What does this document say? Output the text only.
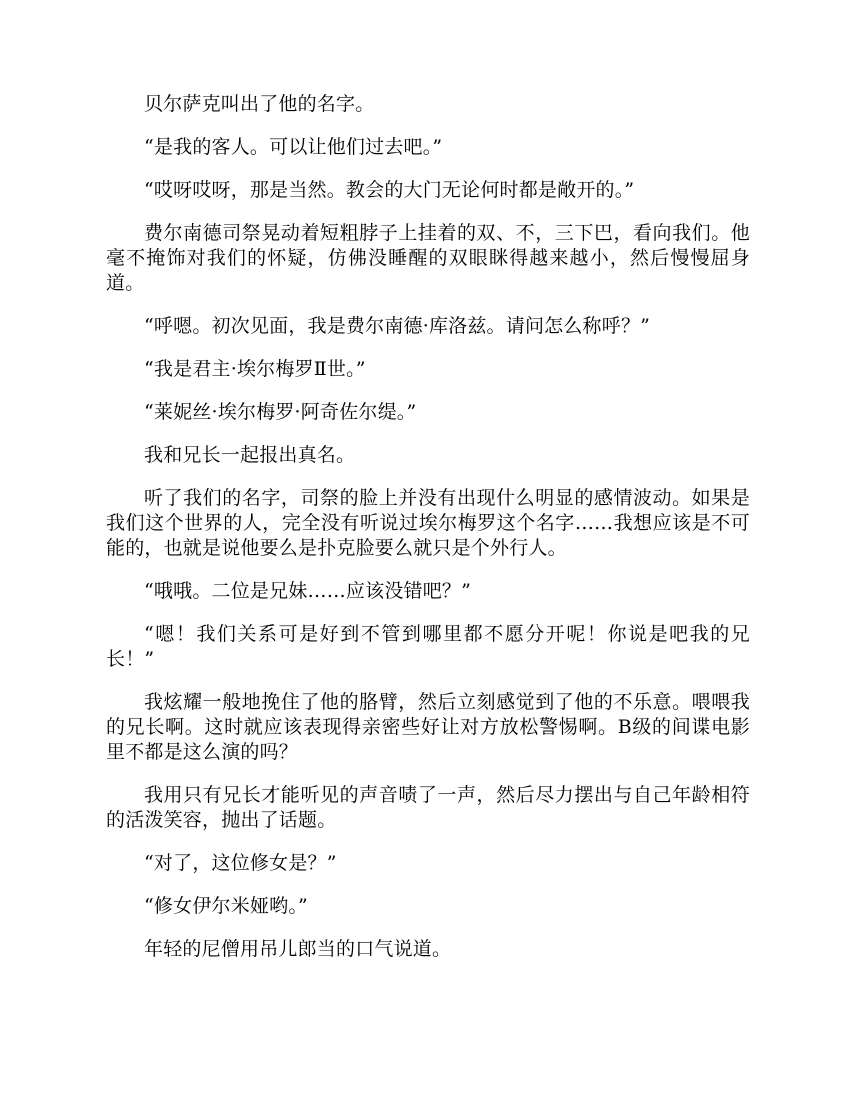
贝尔萨克叫出了他的名字。

“是我的客人。可以让他们过去吧。”

“哎呀哎呀，那是当然。教会的大门无论何时都是敞开的。”

费尔南德司祭晃动着短粗脖子上挂着的双、不，三下巴，看向我们。他毫不掩饰对我们的怀疑，仿佛没睡醒的双眼眯得越来越小，然后慢慢屈身道。

“呼嗯。初次见面，我是费尔南德·库洛兹。请问怎么称呼？”

“我是君主·埃尔梅罗Ⅱ世。”

“莱妮丝·埃尔梅罗·阿奇佐尔缇。”

我和兄长一起报出真名。

听了我们的名字，司祭的脸上并没有出现什么明显的感情波动。如果是我们这个世界的人，完全没有听说过埃尔梅罗这个名字……我想应该是不可能的，也就是说他要么是扑克脸要么就只是个外行人。

“哦哦。二位是兄妹……应该没错吧？”

“嗯！我们关系可是好到不管到哪里都不愿分开呢！你说是吧我的兄长！”

我炫耀一般地挽住了他的胳臂，然后立刻感觉到了他的不乐意。喂喂我的兄长啊。这时就应该表现得亲密些好让对方放松警惕啊。B级的间谍电影里不都是这么演的吗？

我用只有兄长才能听见的声音啧了一声，然后尽力摆出与自己年龄相符的活泼笑容，抛出了话题。

“对了，这位修女是？”

“修女伊尔米娅哟。”

年轻的尼僧用吊儿郎当的口气说道。
